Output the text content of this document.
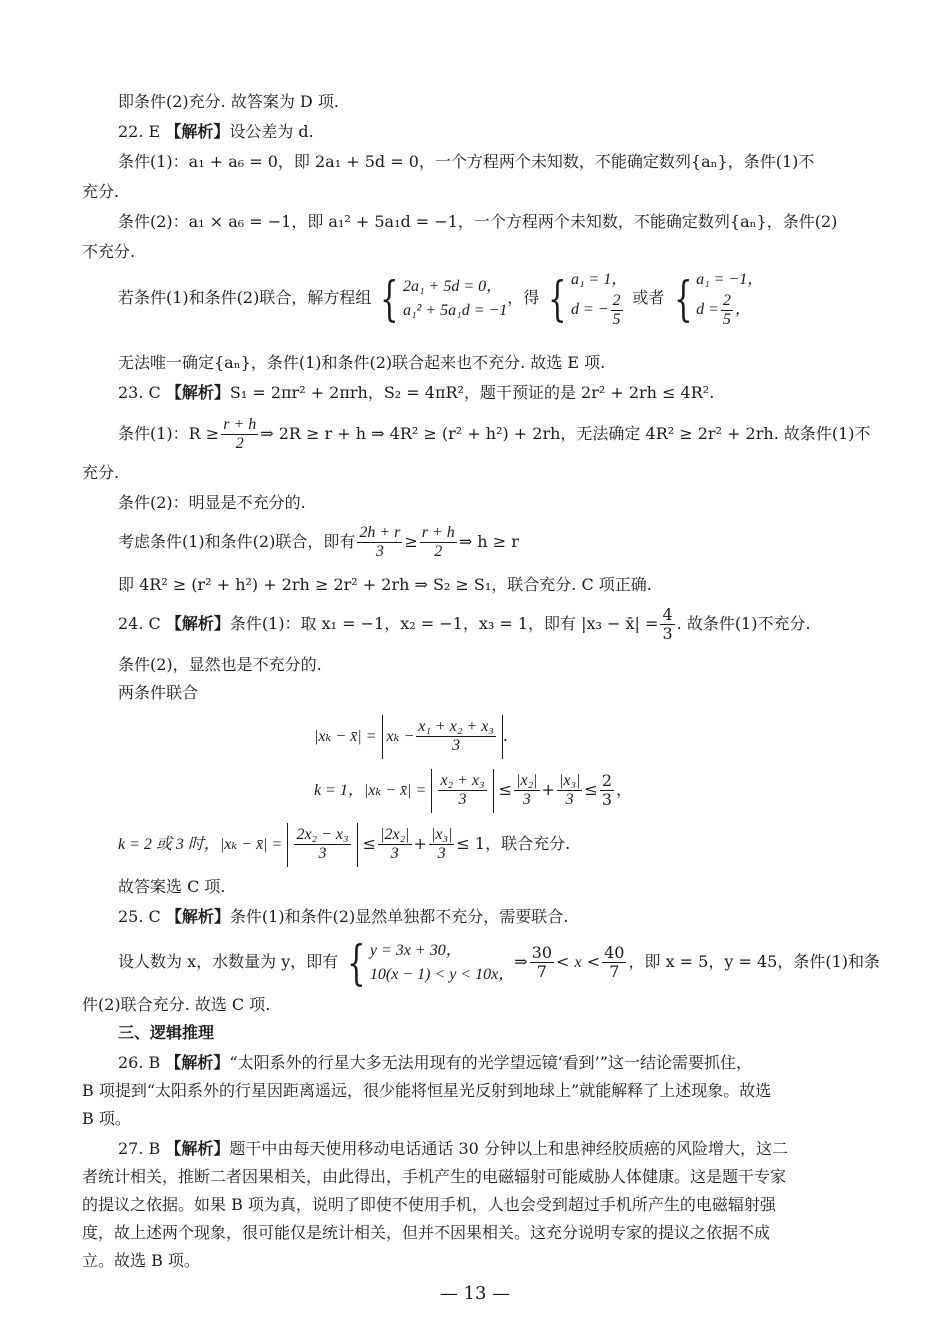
即条件(2)充分. 故答案为 D 项.
22. E 【解析】设公差为 d.
条件(1)：a₁ + a₆ = 0，即 2a₁ + 5d = 0，一个方程两个未知数，不能确定数列{aₙ}，条件(1)不
充分.
条件(2)：a₁ × a₆ = −1，即 a₁² + 5a₁d = −1，一个方程两个未知数，不能确定数列{aₙ}，条件(2)
不充分.
若条件(1)和条件(2)联合，解方程组 { 2a₁ + 5d = 0，
a₁² + 5a₁d = −1
，得 { a₁ = 1，
d = − $\frac{2}{5}$ 或者 { a₁ = −1，
$d = \frac{2}{5}$ ，
无法唯一确定{aₙ}，条件(1)和条件(2)联合起来也不充分. 故选 E 项.
23. C 【解析】S₁ = 2πr² + 2πrh，S₂ = 4πR²，题干预证的是 2r² + 2rh ≤ 4R².
条件(1)：$R \ge \frac{r + h}{2}$ ⇒ 2R ≥ r + h ⇒ 4R² ≥ (r² + h²) + 2rh，无法确定 4R² ≥ 2r² + 2rh. 故条件(1)不
充分.
条件(2)：明显是不充分的.
考虑条件(1)和条件(2)联合，即有 $\frac{2h + r}{3} \ge \frac{r + h}{2}$ ⇒ h ≥ r
即 4R² ≥ (r² + h²) + 2rh ≥ 2r² + 2rh ⇒ S₂ ≥ S₁，联合充分. C 项正确.
24. C 【解析】条件(1)：取 x₁ = −1，x₂ = −1，x₃ = 1，即有 |x₃ − x̄| = $\frac{4}{3}$ . 故条件(1)不充分.
条件(2)，显然也是不充分的.
两条件联合
|xₖ − x̄| = $x_k - \frac{\text{x₁ + x₂ + x₃}}{3}$ .
k = 1，|xₖ − x̄| = $\frac{\text{x₂ + x₃}}{3} \le \frac{\text{|x₂|}}{3} + \frac{\text{|x₃|}}{3} \le \frac{2}{3}$ ，
k = 2 或 3 时，|xₖ − x̄| = $\frac{\text{2x₂ − x₃}}{3} \le \frac{\text{|2x₂|}}{3} + \frac{\text{|x₃|}}{3} \le 1$，联合充分.
故答案选 C 项.
25. C 【解析】条件(1)和条件(2)显然单独都不充分，需要联合.
设人数为 x，水数量为 y，即有 { y = 3x + 30，
10(x − 1) < y < 10x，
⇒ $\frac{30}{7} < x < \frac{40}{7}$ ，即 x = 5，y = 45，条件(1)和条
件(2)联合充分. 故选 C 项.
三、逻辑推理
26. B 【解析】“太阳系外的行星大多无法用现有的光学望远镜‘看到’”这一结论需要抓住，
B 项提到“太阳系外的行星因距离遥远，很少能将恒星光反射到地球上”就能解释了上述现象。故选
B 项。
27. B 【解析】题干中由每天使用移动电话通话 30 分钟以上和患神经胶质癌的风险增大，这二
者统计相关，推断二者因果相关，由此得出，手机产生的电磁辐射可能威胁人体健康。这是题干专家
的提议之依据。如果 B 项为真，说明了即使不使用手机，人也会受到超过手机所产生的电磁辐射强
度，故上述两个现象，很可能仅是统计相关，但并不因果相关。这充分说明专家的提议之依据不成
立。故选 B 项。
— 13 —
